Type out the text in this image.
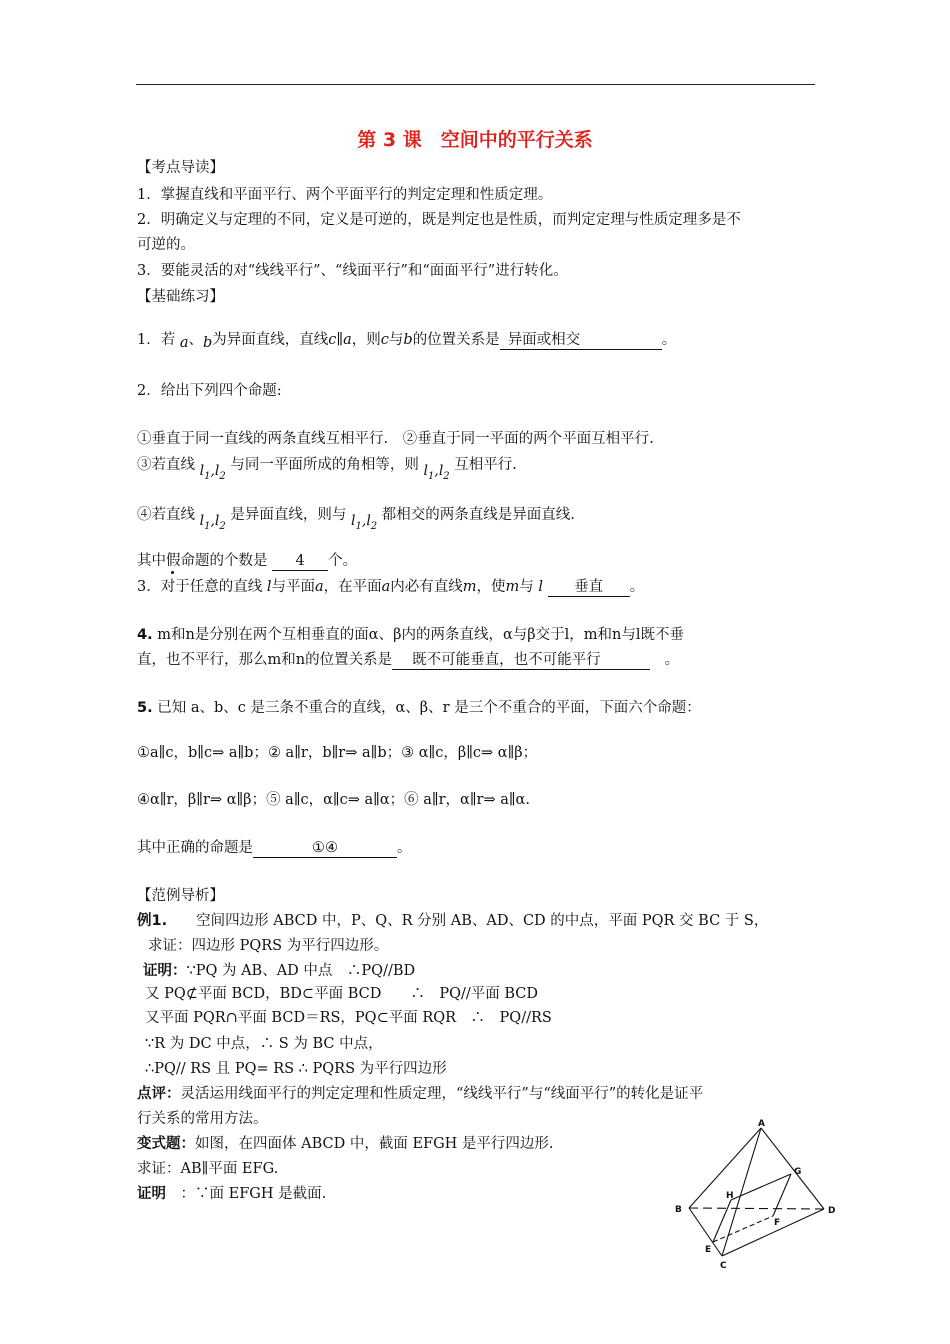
第 3 课　空间中的平行关系
【考点导读】
1．掌握直线和平面平行、两个平面平行的判定定理和性质定理。
2．明确定义与定理的不同，定义是可逆的，既是判定也是性质，而判定定理与性质定理多是不
可逆的。
3．要能灵活的对“线线平行”、“线面平行”和“面面平行”进行转化。
【基础练习】
1．若 a、b为异面直线，直线c∥a，则c与b的位置关系是 异面或相交	。
2．给出下列四个命题:
①垂直于同一直线的两条直线互相平行.　②垂直于同一平面的两个平面互相平行.
③若直线 $l_1,l_2$ 与同一平面所成的角相等，则 $l_1,l_2$ 互相平行.
④若直线 $l_1,l_2$ 是异面直线，则与 $l_1,l_2$ 都相交的两条直线是异面直线.
其中假命题的个数是 4 个。
3．对于任意的直线 l与平面a，在平面a内必有直线m，使m与 l 垂直 。
4. m和n是分别在两个互相垂直的面α、β内的两条直线，α与β交于l，m和n与l既不垂
直，也不平行，那么m和n的位置关系是 既不可能垂直，也不可能平行　	。
5. 已知 a、b、c 是三条不重合的直线，α、β、r 是三个不重合的平面，下面六个命题：
①a∥c，b∥c⇒ a∥b；② a∥r，b∥r⇒ a∥b；③ α∥c，β∥c⇒ α∥β；
④α∥r，β∥r⇒ α∥β；⑤ a∥c，α∥c⇒ a∥α；⑥ a∥r，α∥r⇒ a∥α.
其中正确的命题是	①④	。
【范例导析】
例1.　　 空间四边形 ABCD 中，P、Q、R 分别 AB、AD、CD 的中点，平面 PQR 交 BC 于 S，
求证：四边形 PQRS 为平行四边形。
证明：∵PQ 为 AB、AD 中点　∴PQ//BD
又 PQ⊄平面 BCD，BD⊂平面 BCD　　∴　PQ//平面 BCD
又平面 PQR∩平面 BCD＝RS，PQ⊂平面 RQR　∴　PQ//RS
∵R 为 DC 中点，∴ S 为 BC 中点，
∴PQ// RS 且 PQ= RS ∴ PQRS 为平行四边形
点评：灵活运用线面平行的判定定理和性质定理，“线线平行”与“线面平行”的转化是证平
行关系的常用方法。
变式题：如图，在四面体 ABCD 中，截面 EFGH 是平行四边形.
求证：AB∥平面 EFG.
证明　 ：∵面 EFGH 是截面.
A
B
C
D
E
F
G
H
